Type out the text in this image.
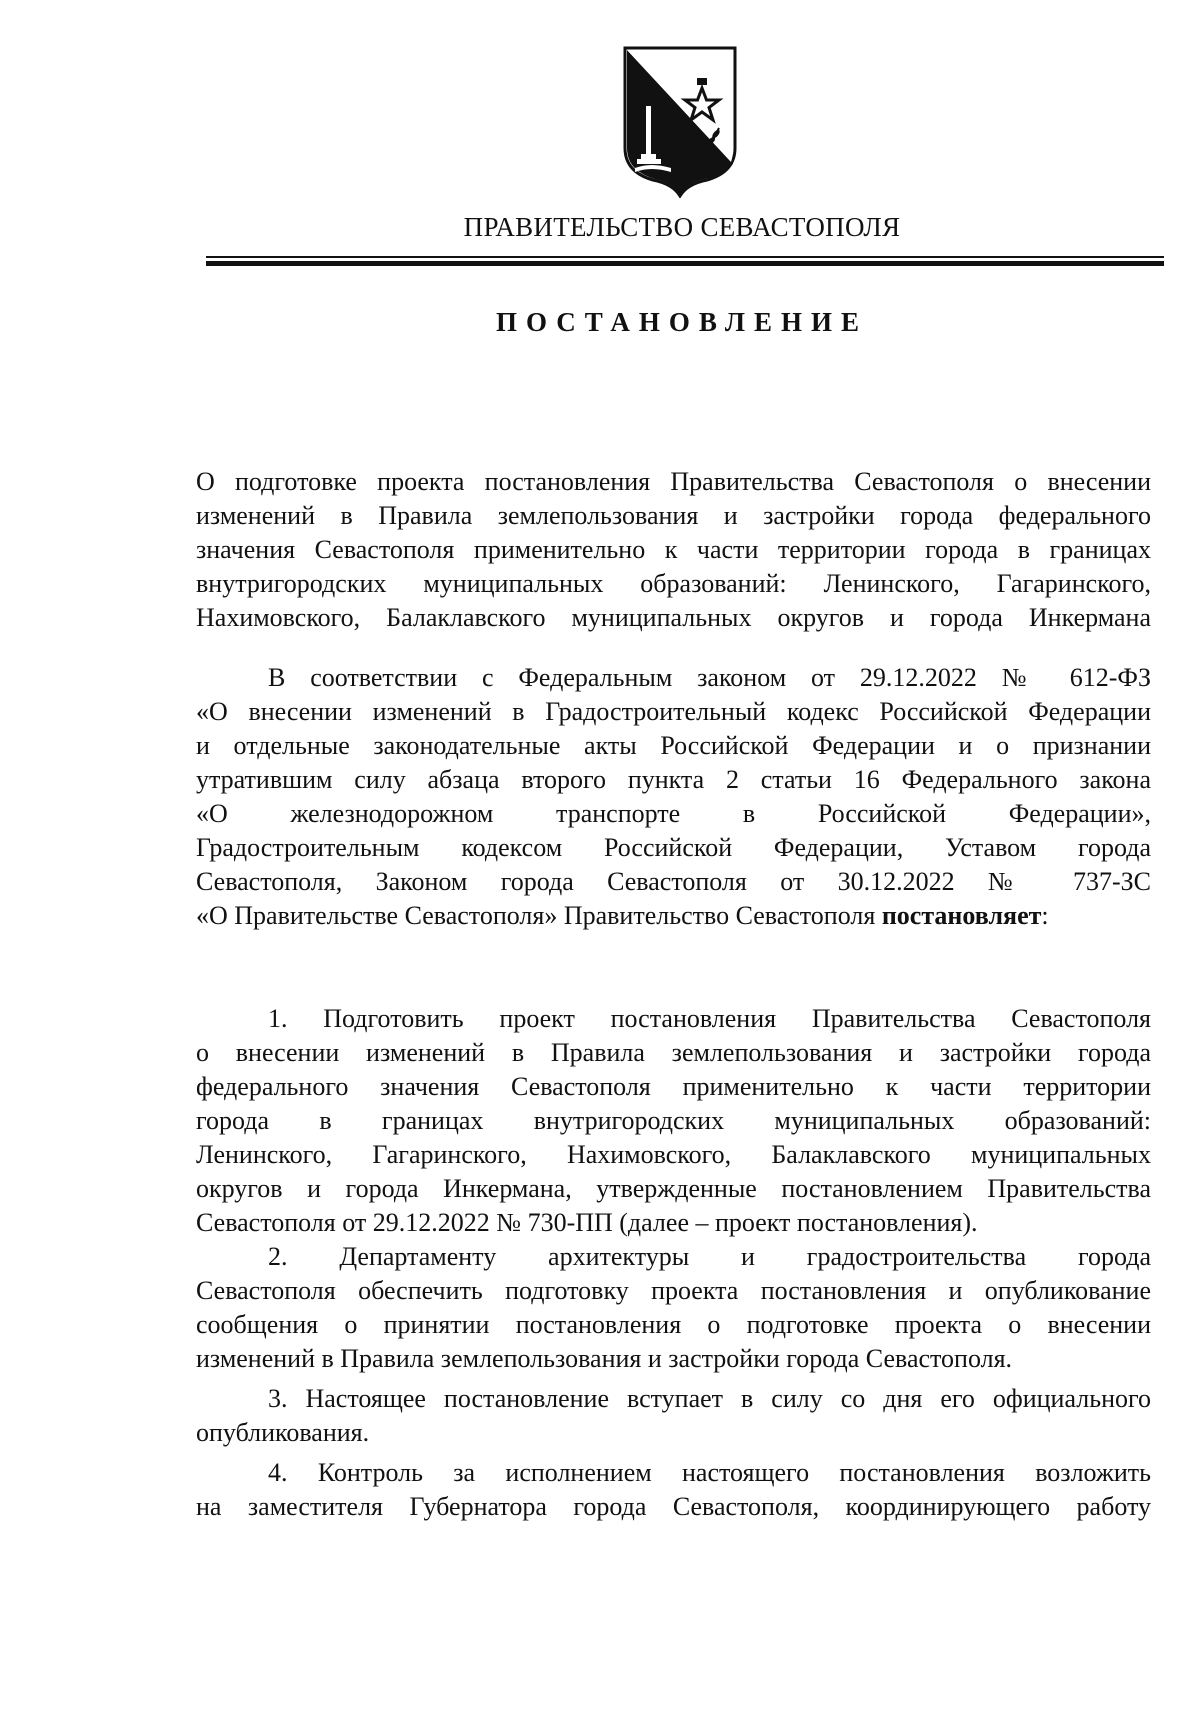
ПРАВИТЕЛЬСТВО СЕВАСТОПОЛЯ
ПОСТАНОВЛЕНИЕ
О подготовке проекта постановления Правительства Севастополя о внесении
изменений в Правила землепользования и застройки города федерального
значения Севастополя применительно к части территории города в границах
внутригородских муниципальных образований: Ленинского, Гагаринского,
Нахимовского, Балаклавского муниципальных округов и города Инкермана
В соответствии с Федеральным законом от 29.12.2022 № 612-ФЗ
«О внесении изменений в Градостроительный кодекс Российской Федерации
и отдельные законодательные акты Российской Федерации и о признании
утратившим силу абзаца второго пункта 2 статьи 16 Федерального закона
«О железнодорожном транспорте в Российской Федерации»,
Градостроительным кодексом Российской Федерации, Уставом города
Севастополя, Законом города Севастополя от 30.12.2022 № 737-ЗС
«О Правительстве Севастополя» Правительство Севастополя постановляет:
1. Подготовить проект постановления Правительства Севастополя
о внесении изменений в Правила землепользования и застройки города
федерального значения Севастополя применительно к части территории
города в границах внутригородских муниципальных образований:
Ленинского, Гагаринского, Нахимовского, Балаклавского муниципальных
округов и города Инкермана, утвержденные постановлением Правительства
Севастополя от 29.12.2022 № 730-ПП (далее – проект постановления).
2. Департаменту архитектуры и градостроительства города
Севастополя обеспечить подготовку проекта постановления и опубликование
сообщения о принятии постановления о подготовке проекта о внесении
изменений в Правила землепользования и застройки города Севастополя.
3. Настоящее постановление вступает в силу со дня его официального
опубликования.
4. Контроль за исполнением настоящего постановления возложить
на заместителя Губернатора города Севастополя, координирующего работу
